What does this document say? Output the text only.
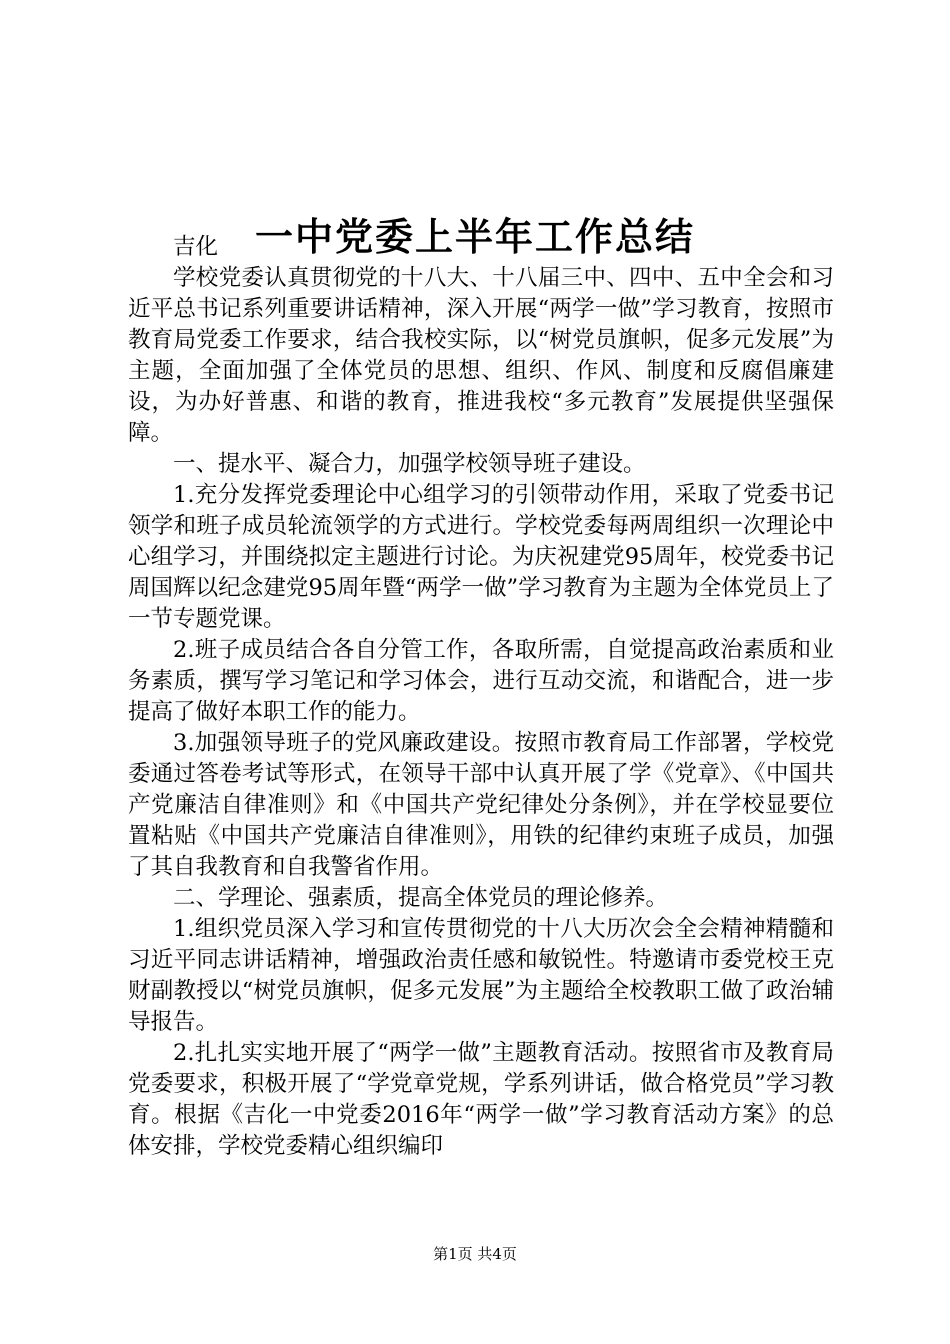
一中党委上半年工作总结

吉化

学校党委认真贯彻党的十八大、十八届三中、四中、五中全会和习近平总书记系列重要讲话精神，深入开展“两学一做”学习教育，按照市教育局党委工作要求，结合我校实际，以“树党员旗帜，促多元发展”为主题，全面加强了全体党员的思想、组织、作风、制度和反腐倡廉建设，为办好普惠、和谐的教育，推进我校“多元教育”发展提供坚强保障。

一、提水平、凝合力，加强学校领导班子建设。

1.充分发挥党委理论中心组学习的引领带动作用，采取了党委书记领学和班子成员轮流领学的方式进行。学校党委每两周组织一次理论中心组学习，并围绕拟定主题进行讨论。为庆祝建党95周年，校党委书记周国辉以纪念建党95周年暨“两学一做”学习教育为主题为全体党员上了一节专题党课。

2.班子成员结合各自分管工作，各取所需，自觉提高政治素质和业务素质，撰写学习笔记和学习体会，进行互动交流，和谐配合，进一步提高了做好本职工作的能力。

3.加强领导班子的党风廉政建设。按照市教育局工作部署，学校党委通过答卷考试等形式，在领导干部中认真开展了学《党章》、《中国共产党廉洁自律准则》和《中国共产党纪律处分条例》，并在学校显要位置粘贴《中国共产党廉洁自律准则》，用铁的纪律约束班子成员，加强了其自我教育和自我警省作用。

二、学理论、强素质，提高全体党员的理论修养。

1.组织党员深入学习和宣传贯彻党的十八大历次会全会精神精髓和习近平同志讲话精神，增强政治责任感和敏锐性。特邀请市委党校王克财副教授以“树党员旗帜，促多元发展”为主题给全校教职工做了政治辅导报告。

2.扎扎实实地开展了“两学一做”主题教育活动。按照省市及教育局党委要求，积极开展了“学党章党规，学系列讲话，做合格党员”学习教育。根据《吉化一中党委2016年“两学一做”学习教育活动方案》的总体安排，学校党委精心组织编印

第1页 共4页
